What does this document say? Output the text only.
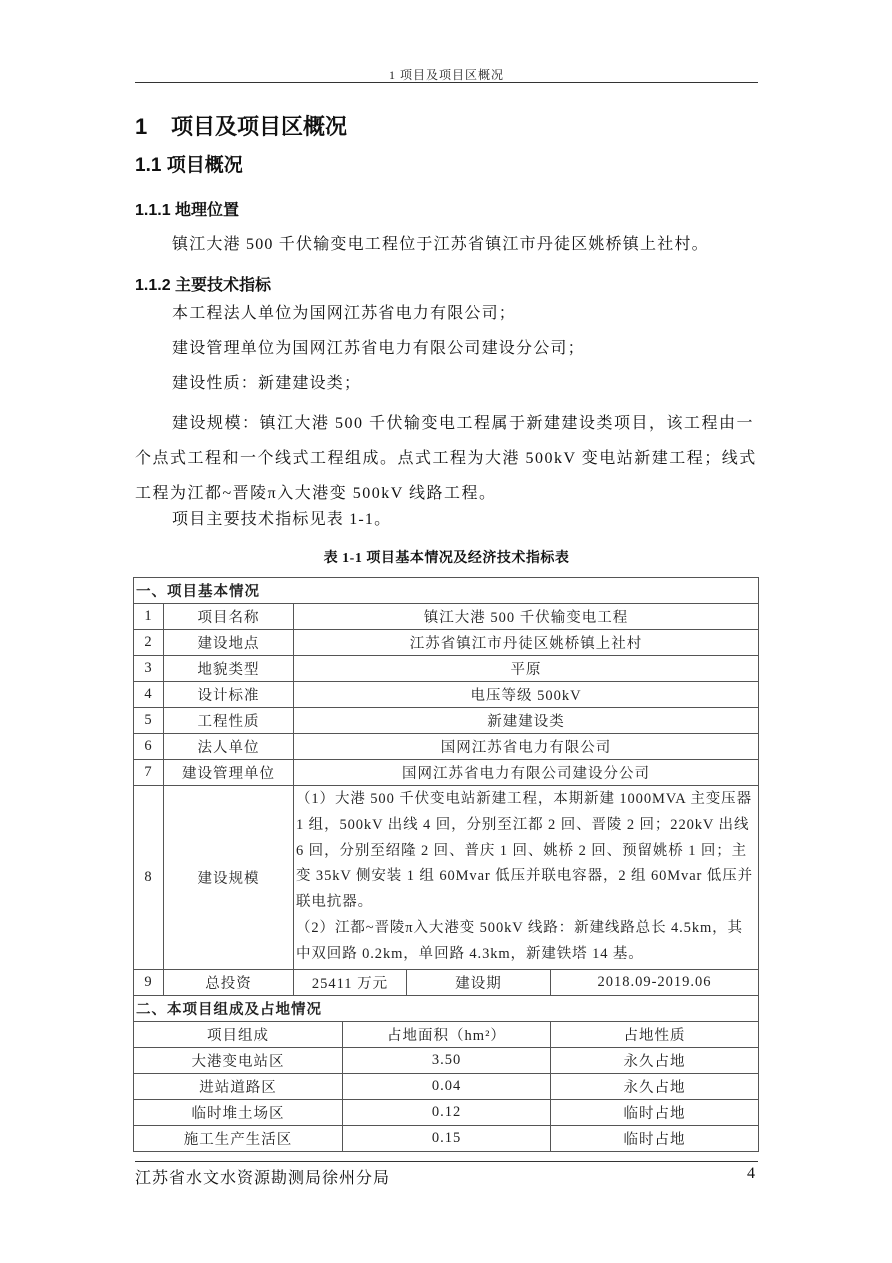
1 项目及项目区概况
1 项目及项目区概况
1.1 项目概况
1.1.1 地理位置
镇江大港 500 千伏输变电工程位于江苏省镇江市丹徒区姚桥镇上社村。
1.1.2 主要技术指标
本工程法人单位为国网江苏省电力有限公司；
建设管理单位为国网江苏省电力有限公司建设分公司；
建设性质：新建建设类；
建设规模：镇江大港 500 千伏输变电工程属于新建建设类项目，该工程由一个点式工程和一个线式工程组成。点式工程为大港 500kV 变电站新建工程；线式工程为江都~晋陵π入大港变 500kV 线路工程。
项目主要技术指标见表 1-1。
表 1-1 项目基本情况及经济技术指标表
一、项目基本情况					
1	项目名称	镇江大港 500 千伏输变电工程			
2	建设地点	江苏省镇江市丹徒区姚桥镇上社村			
3	地貌类型	平原			
4	设计标准	电压等级 500kV			
5	工程性质	新建建设类			
6	法人单位	国网江苏省电力有限公司			
7	建设管理单位	国网江苏省电力有限公司建设分公司			
8	建设规模	（1）大港 500 千伏变电站新建工程，本期新建 1000MVA 主变压器 1 组，500kV 出线 4 回，分别至江都 2 回、晋陵 2 回；220kV 出线 6 回，分别至绍隆 2 回、普庆 1 回、姚桥 2 回、预留姚桥 1 回；主变 35kV 侧安装 1 组 60Mvar 低压并联电容器，2 组 60Mvar 低压并联电抗器。
（2）江都~晋陵π入大港变 500kV 线路：新建线路总长 4.5km，其中双回路 0.2km，单回路 4.3km，新建铁塔 14 基。			

9	总投资	25411 万元		建设期	2018.09-2019.06
二、本项目组成及占地情况					
项目组成			占地面积（hm²）		占地性质
大港变电站区			3.50		永久占地
进站道路区			0.04		永久占地
临时堆土场区			0.12		临时占地
施工生产生活区			0.15		临时占地
江苏省水文水资源勘测局徐州分局	4
